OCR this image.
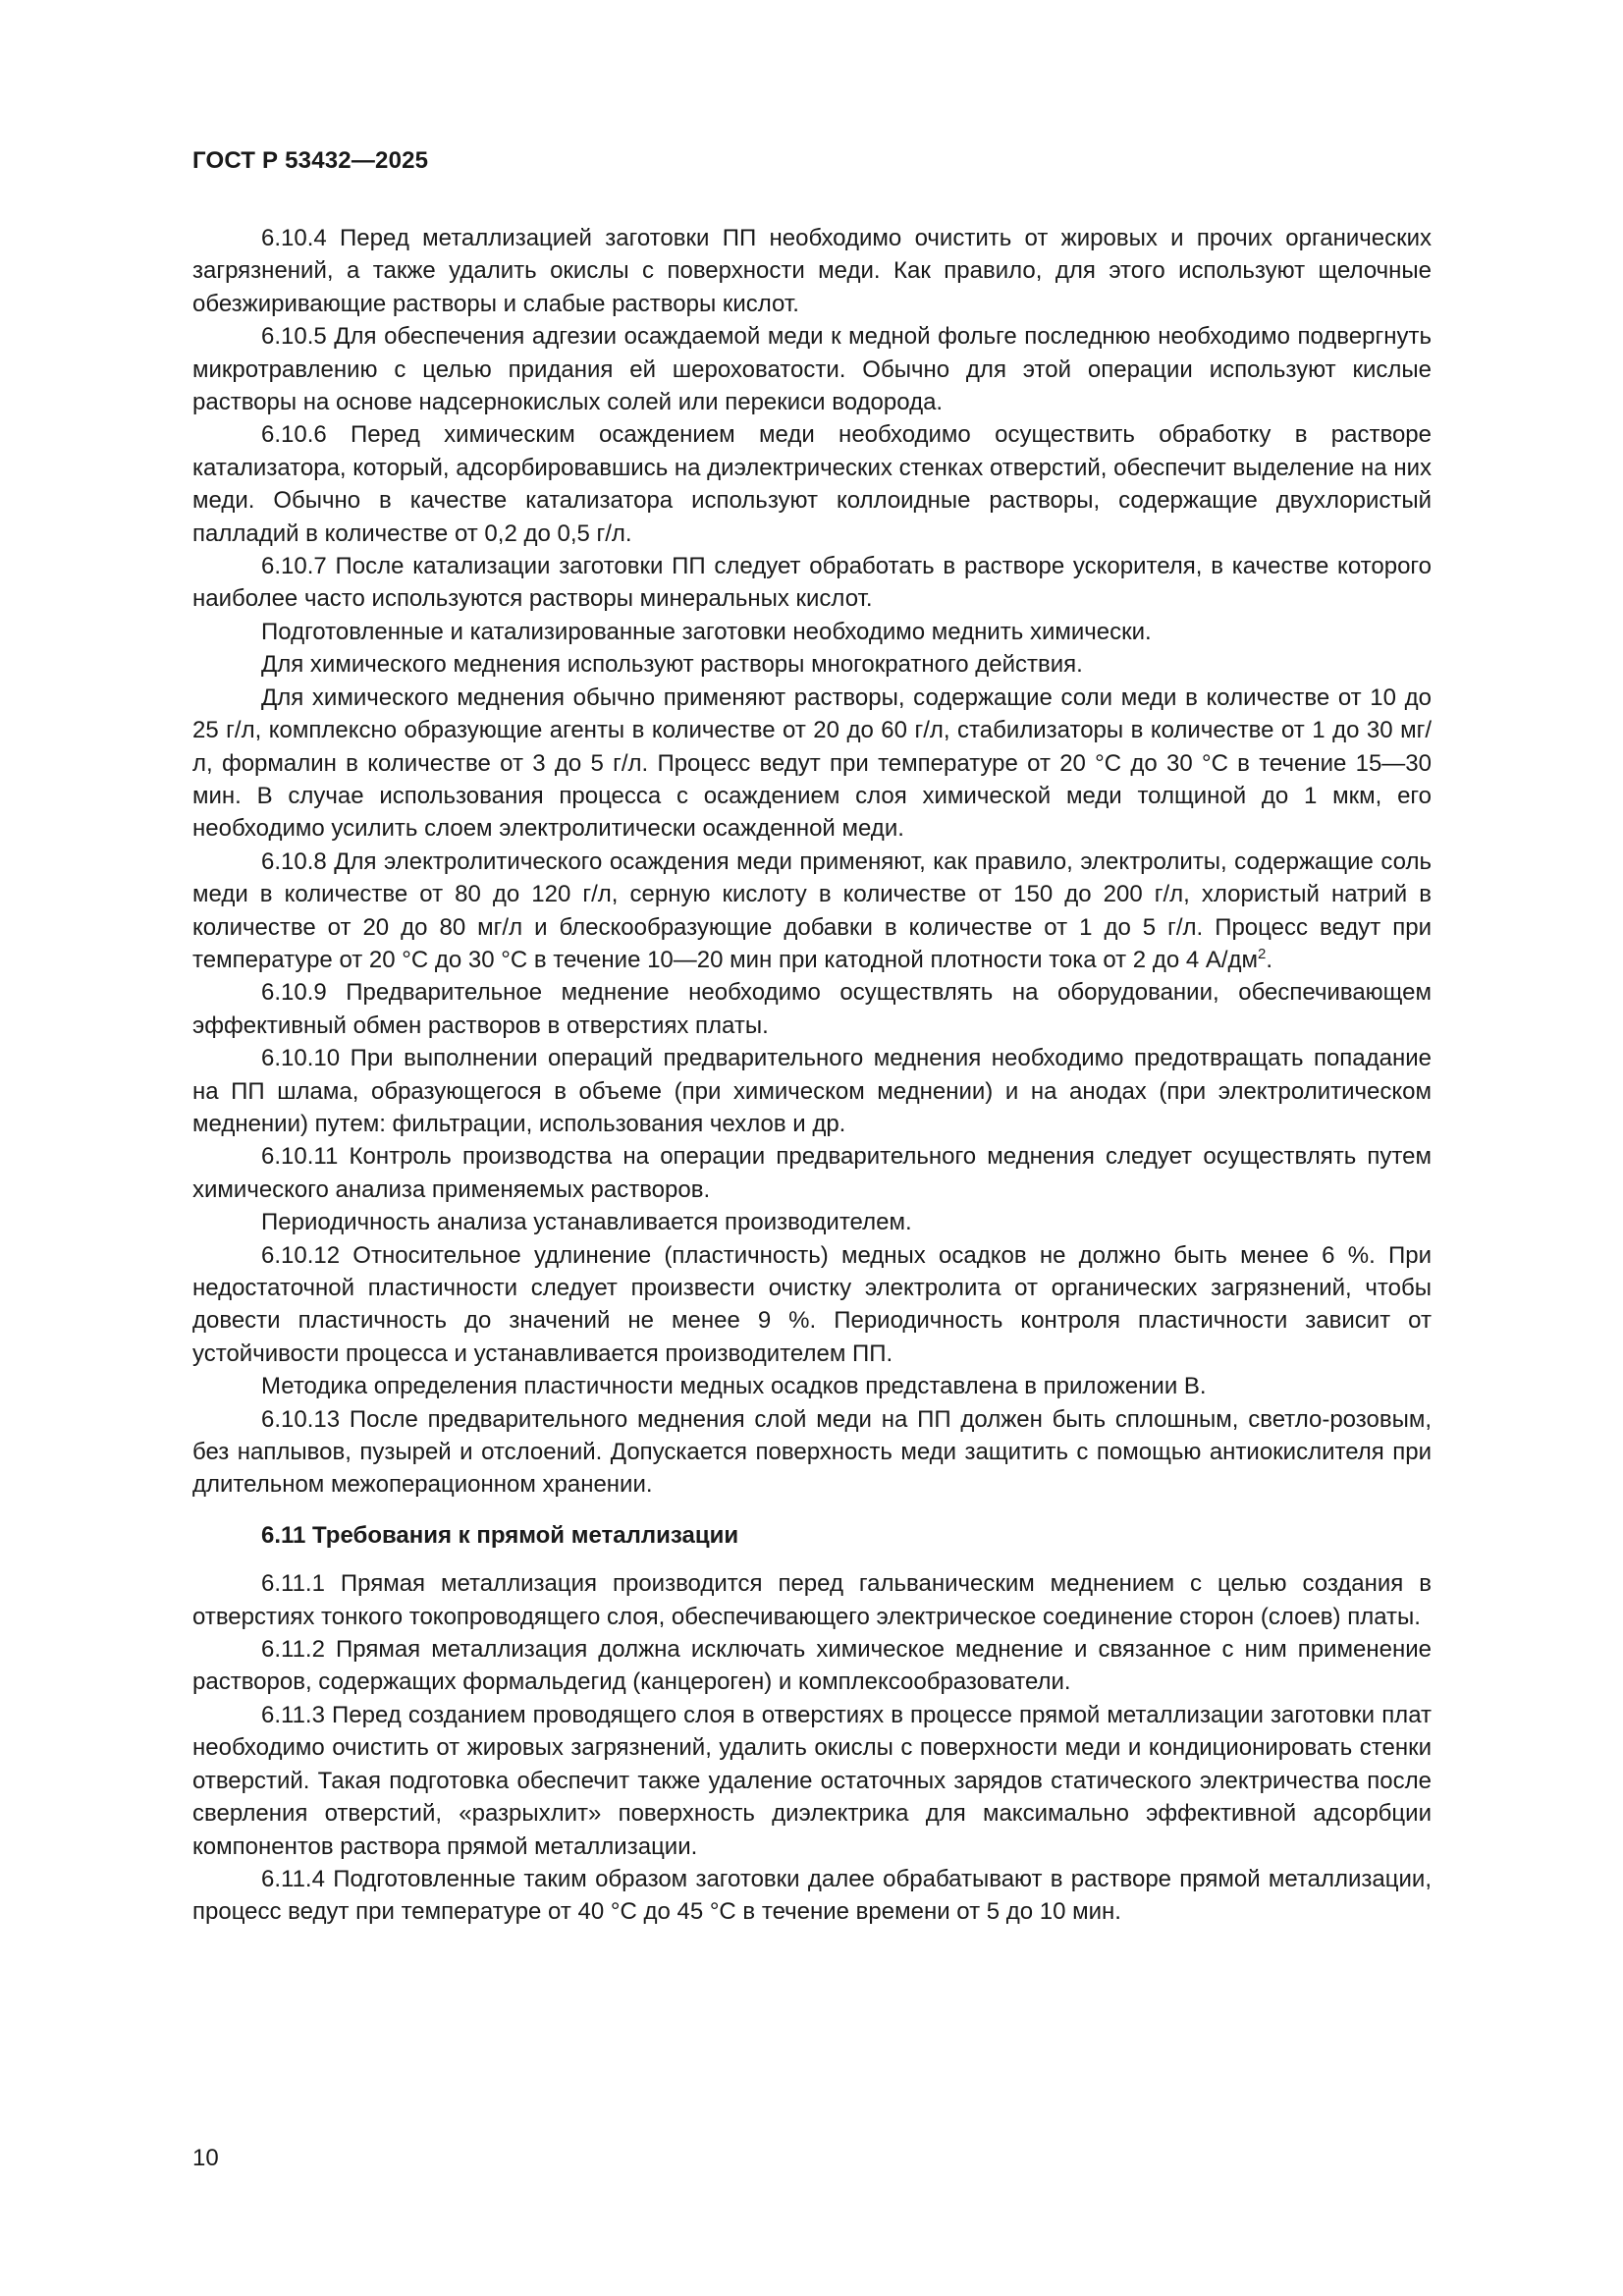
ГОСТ Р 53432—2025

6.10.4 Перед металлизацией заготовки ПП необходимо очистить от жировых и прочих органических загрязнений, а также удалить окислы с поверхности меди. Как правило, для этого используют щелочные обезжиривающие растворы и слабые растворы кислот.

6.10.5 Для обеспечения адгезии осаждаемой меди к медной фольге последнюю необходимо подвергнуть микротравлению с целью придания ей шероховатости. Обычно для этой операции используют кислые растворы на основе надсернокислых солей или перекиси водорода.

6.10.6 Перед химическим осаждением меди необходимо осуществить обработку в растворе катализатора, который, адсорбировавшись на диэлектрических стенках отверстий, обеспечит выделение на них меди. Обычно в качестве катализатора используют коллоидные растворы, содержащие двухлористый палладий в количестве от 0,2 до 0,5 г/л.

6.10.7 После катализации заготовки ПП следует обработать в растворе ускорителя, в качестве которого наиболее часто используются растворы минеральных кислот.

Подготовленные и катализированные заготовки необходимо меднить химически.

Для химического меднения используют растворы многократного действия.

Для химического меднения обычно применяют растворы, содержащие соли меди в количестве от 10 до 25 г/л, комплексно образующие агенты в количестве от 20 до 60 г/л, стабилизаторы в количестве от 1 до 30 мг/л, формалин в количестве от 3 до 5 г/л. Процесс ведут при температуре от 20 °С до 30 °С в течение 15—30 мин. В случае использования процесса с осаждением слоя химической меди толщиной до 1 мкм, его необходимо усилить слоем электролитически осажденной меди.

6.10.8 Для электролитического осаждения меди применяют, как правило, электролиты, содержащие соль меди в количестве от 80 до 120 г/л, серную кислоту в количестве от 150 до 200 г/л, хлористый натрий в количестве от 20 до 80 мг/л и блескообразующие добавки в количестве от 1 до 5 г/л. Процесс ведут при температуре от 20 °С до 30 °С в течение 10—20 мин при катодной плотности тока от 2 до 4 $А/дм^2$.

6.10.9 Предварительное меднение необходимо осуществлять на оборудовании, обеспечивающем эффективный обмен растворов в отверстиях платы.

6.10.10 При выполнении операций предварительного меднения необходимо предотвращать попадание на ПП шлама, образующегося в объеме (при химическом меднении) и на анодах (при электролитическом меднении) путем: фильтрации, использования чехлов и др.

6.10.11 Контроль производства на операции предварительного меднения следует осуществлять путем химического анализа применяемых растворов.

Периодичность анализа устанавливается производителем.

6.10.12 Относительное удлинение (пластичность) медных осадков не должно быть менее 6 %. При недостаточной пластичности следует произвести очистку электролита от органических загрязнений, чтобы довести пластичность до значений не менее 9 %. Периодичность контроля пластичности зависит от устойчивости процесса и устанавливается производителем ПП.

Методика определения пластичности медных осадков представлена в приложении В.

6.10.13 После предварительного меднения слой меди на ПП должен быть сплошным, светло-розовым, без наплывов, пузырей и отслоений. Допускается поверхность меди защитить с помощью антиокислителя при длительном межоперационном хранении.

6.11 Требования к прямой металлизации

6.11.1 Прямая металлизация производится перед гальваническим меднением с целью создания в отверстиях тонкого токопроводящего слоя, обеспечивающего электрическое соединение сторон (слоев) платы.

6.11.2 Прямая металлизация должна исключать химическое меднение и связанное с ним применение растворов, содержащих формальдегид (канцероген) и комплексообразователи.

6.11.3 Перед созданием проводящего слоя в отверстиях в процессе прямой металлизации заготовки плат необходимо очистить от жировых загрязнений, удалить окислы с поверхности меди и кондиционировать стенки отверстий. Такая подготовка обеспечит также удаление остаточных зарядов статического электричества после сверления отверстий, «разрыхлит» поверхность диэлектрика для максимально эффективной адсорбции компонентов раствора прямой металлизации.

6.11.4 Подготовленные таким образом заготовки далее обрабатывают в растворе прямой металлизации, процесс ведут при температуре от 40 °С до 45 °С в течение времени от 5 до 10 мин.

10
